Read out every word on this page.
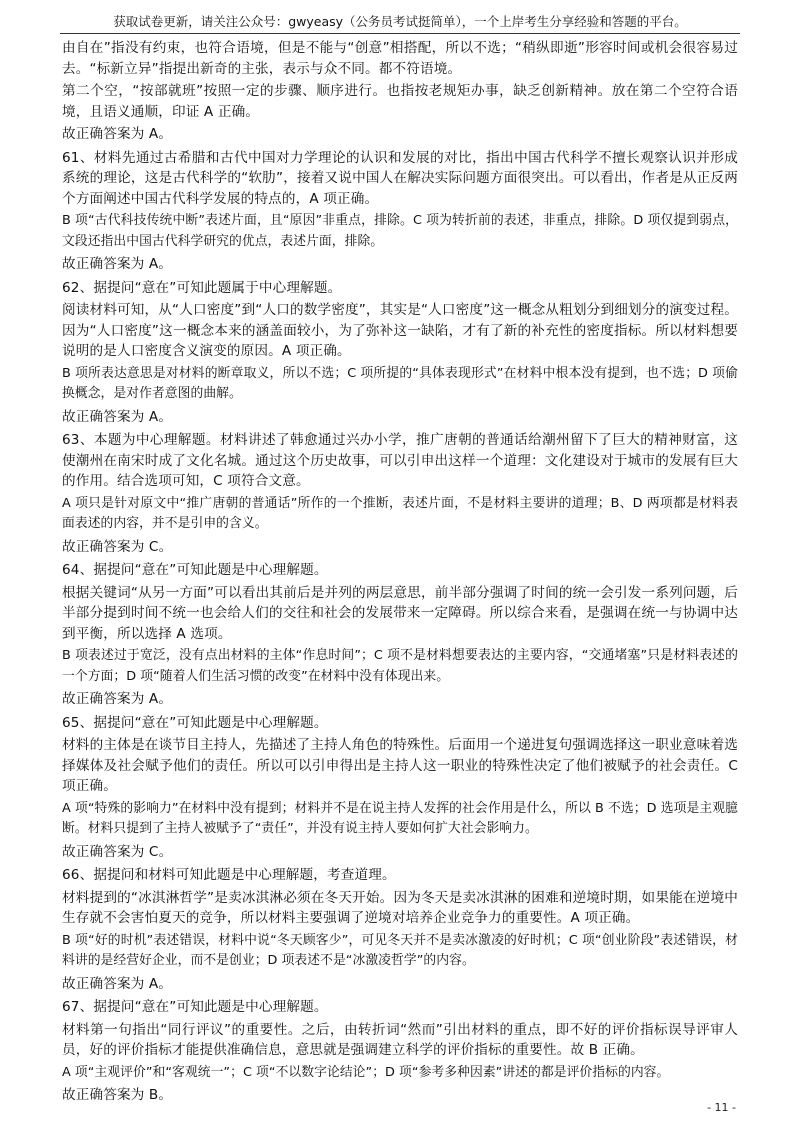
获取试卷更新，请关注公众号：gwyeasy（公务员考试挺简单），一个上岸考生分享经验和答题的平台。

由自在”指没有约束，也符合语境，但是不能与“创意”相搭配，所以不选；“稍纵即逝”形容时间或机会很容易过去。“标新立异”指提出新奇的主张，表示与众不同。都不符语境。

第二个空，“按部就班”按照一定的步骤、顺序进行。也指按老规矩办事，缺乏创新精神。放在第二个空符合语境，且语义通顺，印证 A 正确。

故正确答案为 A。

61、材料先通过古希腊和古代中国对力学理论的认识和发展的对比，指出中国古代科学不擅长观察认识并形成系统的理论，这是古代科学的“软肋”，接着又说中国人在解决实际问题方面很突出。可以看出，作者是从正反两个方面阐述中国古代科学发展的特点的，A 项正确。

B 项“古代科技传统中断”表述片面，且“原因”非重点，排除。C 项为转折前的表述，非重点，排除。D 项仅提到弱点，文段还指出中国古代科学研究的优点，表述片面，排除。

故正确答案为 A。

62、据提问“意在”可知此题属于中心理解题。

阅读材料可知，从“人口密度”到“人口的数学密度”，其实是“人口密度”这一概念从粗划分到细划分的演变过程。因为“人口密度”这一概念本来的涵盖面较小，为了弥补这一缺陷，才有了新的补充性的密度指标。所以材料想要说明的是人口密度含义演变的原因。A 项正确。

B 项所表达意思是对材料的断章取义，所以不选；C 项所提的“具体表现形式”在材料中根本没有提到，也不选；D 项偷换概念，是对作者意图的曲解。

故正确答案为 A。

63、本题为中心理解题。材料讲述了韩愈通过兴办小学，推广唐朝的普通话给潮州留下了巨大的精神财富，这使潮州在南宋时成了文化名城。通过这个历史故事，可以引申出这样一个道理：文化建设对于城市的发展有巨大的作用。结合选项可知，C 项符合文意。

A 项只是针对原文中“推广唐朝的普通话”所作的一个推断，表述片面，不是材料主要讲的道理；B、D 两项都是材料表面表述的内容，并不是引申的含义。

故正确答案为 C。

64、据提问“意在”可知此题是中心理解题。

根据关键词“从另一方面”可以看出其前后是并列的两层意思，前半部分强调了时间的统一会引发一系列问题，后半部分提到时间不统一也会给人们的交往和社会的发展带来一定障碍。所以综合来看，是强调在统一与协调中达到平衡，所以选择 A 选项。

B 项表述过于宽泛，没有点出材料的主体“作息时间”；C 项不是材料想要表达的主要内容，“交通堵塞”只是材料表述的一个方面；D 项“随着人们生活习惯的改变”在材料中没有体现出来。

故正确答案为 A。

65、据提问“意在”可知此题是中心理解题。

材料的主体是在谈节目主持人，先描述了主持人角色的特殊性。后面用一个递进复句强调选择这一职业意味着选择媒体及社会赋予他们的责任。所以可以引申得出是主持人这一职业的特殊性决定了他们被赋予的社会责任。C 项正确。

A 项“特殊的影响力”在材料中没有提到；材料并不是在说主持人发挥的社会作用是什么，所以 B 不选；D 选项是主观臆断。材料只提到了主持人被赋予了“责任”，并没有说主持人要如何扩大社会影响力。

故正确答案为 C。

66、据提问和材料可知此题是中心理解题，考查道理。

材料提到的“冰淇淋哲学”是卖冰淇淋必须在冬天开始。因为冬天是卖冰淇淋的困难和逆境时期，如果能在逆境中生存就不会害怕夏天的竞争，所以材料主要强调了逆境对培养企业竞争力的重要性。A 项正确。

B 项“好的时机”表述错误，材料中说“冬天顾客少”，可见冬天并不是卖冰激凌的好时机；C 项“创业阶段”表述错误，材料讲的是经营好企业，而不是创业；D 项表述不是“冰激凌哲学”的内容。

故正确答案为 A。

67、据提问“意在”可知此题是中心理解题。

材料第一句指出“同行评议”的重要性。之后，由转折词“然而”引出材料的重点，即不好的评价指标误导评审人员，好的评价指标才能提供准确信息，意思就是强调建立科学的评价指标的重要性。故 B 正确。

A 项“主观评价”和“客观统一”；C 项“不以数字论结论”；D 项“参考多种因素”讲述的都是评价指标的内容。

故正确答案为 B。

- 11 -
